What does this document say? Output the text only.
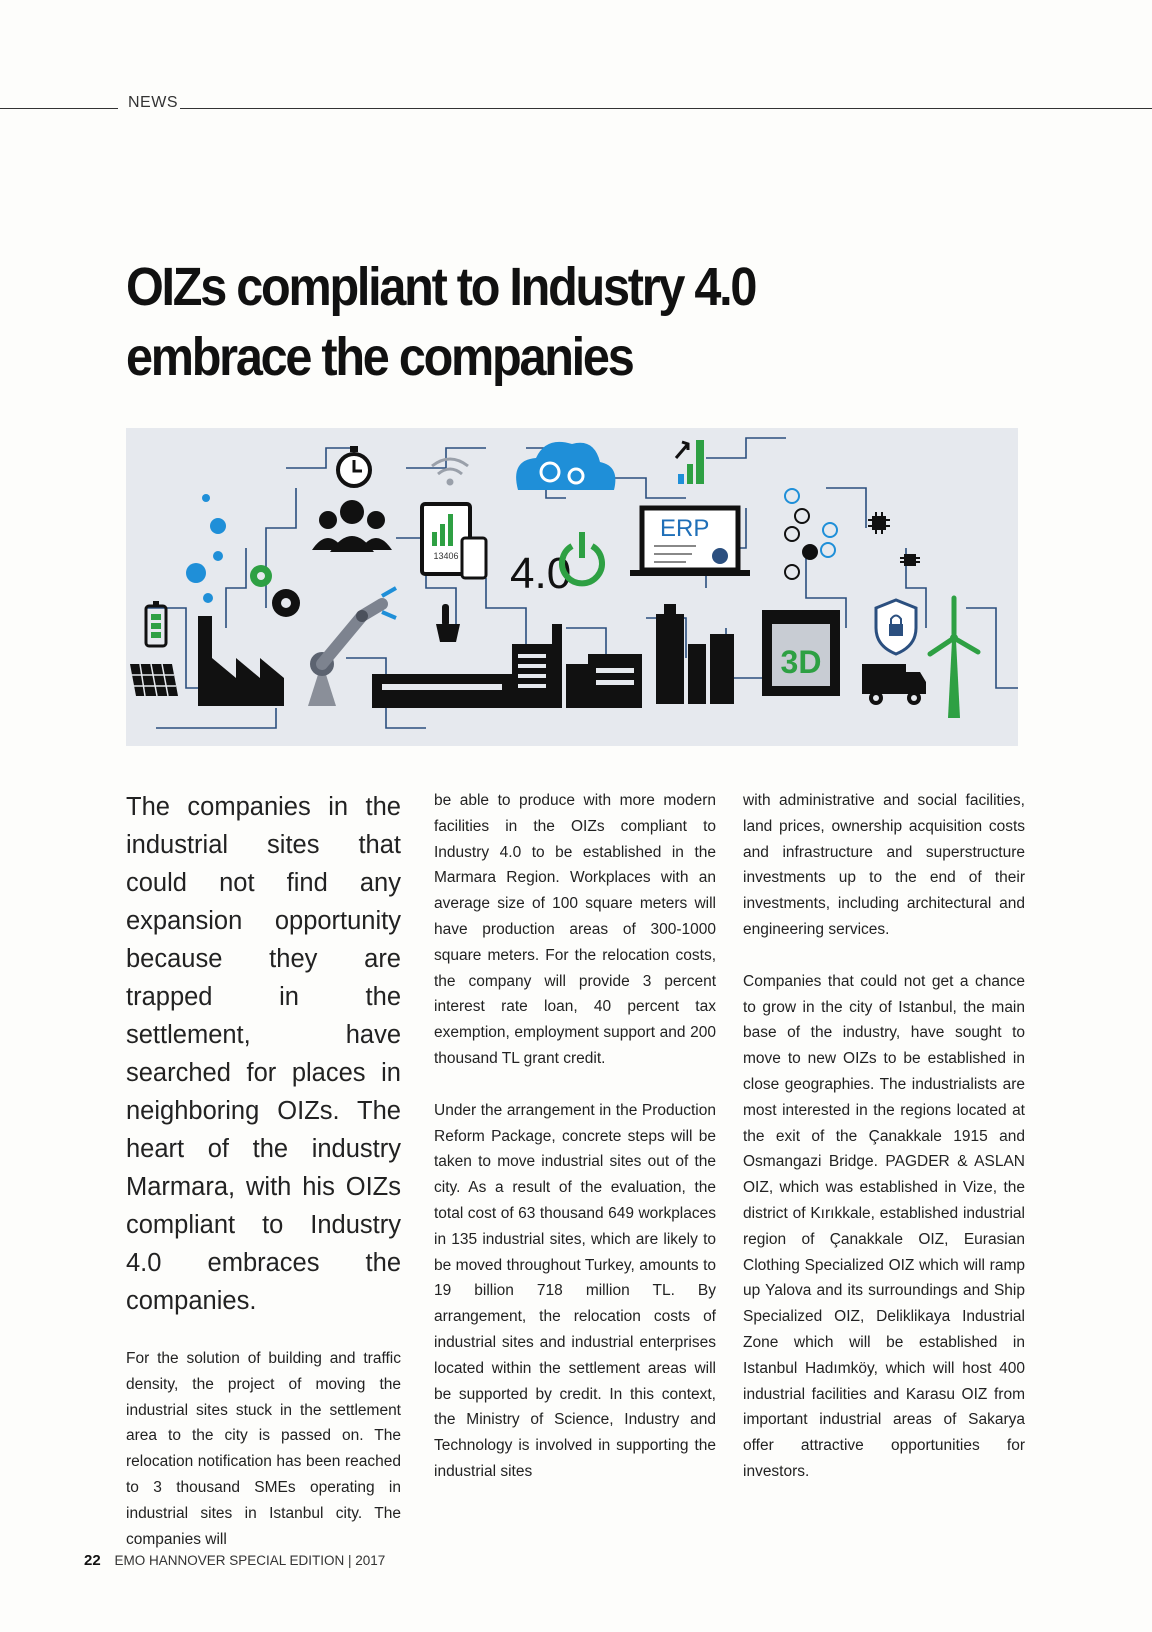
NEWS
OIZs compliant to Industry 4.0
embrace the companies
13406 4.0
ERP
3D

The companies in the industrial sites that could not find any expansion opportunity because they are trapped in the settlement, have searched for places in neighboring OIZs. The heart of the industry Marmara, with his OIZs compliant to Industry 4.0 embraces the companies.

For the solution of building and traffic density, the project of moving the industrial sites stuck in the settlement area to the city is passed on. The relocation notification has been reached to 3 thousand SMEs operating in industrial sites in Istanbul city. The companies will

be able to produce with more modern facilities in the OIZs compliant to Industry 4.0 to be established in the Marmara Region. Workplaces with an average size of 100 square meters will have production areas of 300-1000 square meters. For the relocation costs, the company will provide 3 percent interest rate loan, 40 percent tax exemption, employment support and 200 thousand TL grant credit.

Under the arrangement in the Production Reform Package, concrete steps will be taken to move industrial sites out of the city. As a result of the evaluation, the total cost of 63 thousand 649 workplaces in 135 industrial sites, which are likely to be moved throughout Turkey, amounts to 19 billion 718 million TL. By arrangement, the relocation costs of industrial sites and industrial enterprises located within the settlement areas will be supported by credit. In this context, the Ministry of Science, Industry and Technology is involved in supporting the industrial sites

with administrative and social facilities, land prices, ownership acquisition costs and infrastructure and superstructure investments up to the end of their investments, including architectural and engineering services.

Companies that could not get a chance to grow in the city of Istanbul, the main base of the industry, have sought to move to new OIZs to be established in close geographies. The industrialists are most interested in the regions located at the exit of the Çanakkale 1915 and Osmangazi Bridge. PAGDER & ASLAN OIZ, which was established in Vize, the district of Kırıkkale, established industrial region of Çanakkale OIZ, Eurasian Clothing Specialized OIZ which will ramp up Yalova and its surroundings and Ship Specialized OIZ, Deliklikaya Industrial Zone which will be established in Istanbul Hadımköy, which will host 400 industrial facilities and Karasu OIZ from important industrial areas of Sakarya offer attractive opportunities for investors.

22 EMO HANNOVER SPECIAL EDITION | 2017
